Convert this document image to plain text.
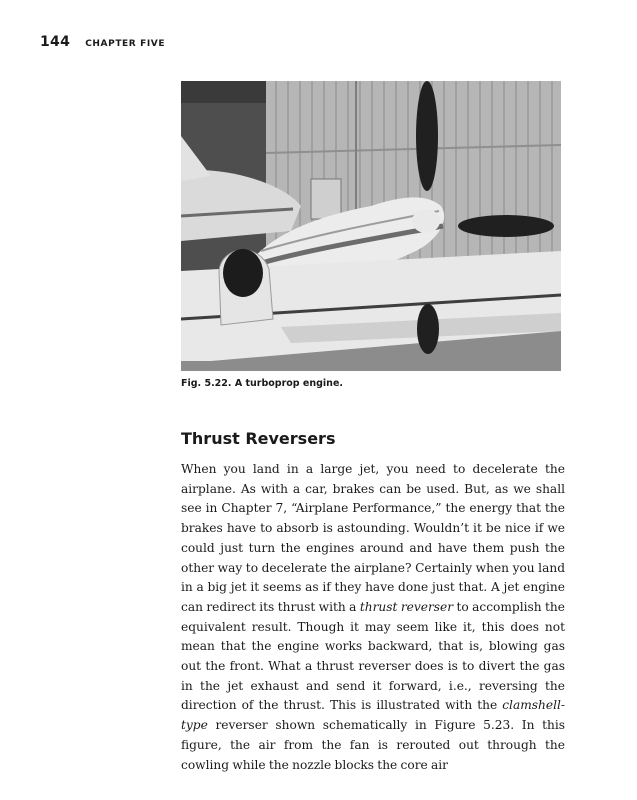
144 CHAPTER FIVE
Fig. 5.22. A turboprop engine.
Thrust Reversers

When you land in a large jet, you need to decelerate the airplane. As with a car, brakes can be used. But, as we shall see in Chapter 7, “Airplane Performance,” the energy that the brakes have to absorb is astounding. Wouldn’t it be nice if we could just turn the engines around and have them push the other way to decelerate the airplane? Certainly when you land in a big jet it seems as if they have done just that. A jet engine can redirect its thrust with a thrust reverser to accomplish the equivalent result. Though it may seem like it, this does not mean that the engine works backward, that is, blowing gas out the front. What a thrust reverser does is to divert the gas in the jet exhaust and send it forward, i.e., reversing the direction of the thrust. This is illustrated with the clamshell-type reverser shown schematically in Figure 5.23. In this figure, the air from the fan is rerouted out through the cowling while the nozzle blocks the core air
